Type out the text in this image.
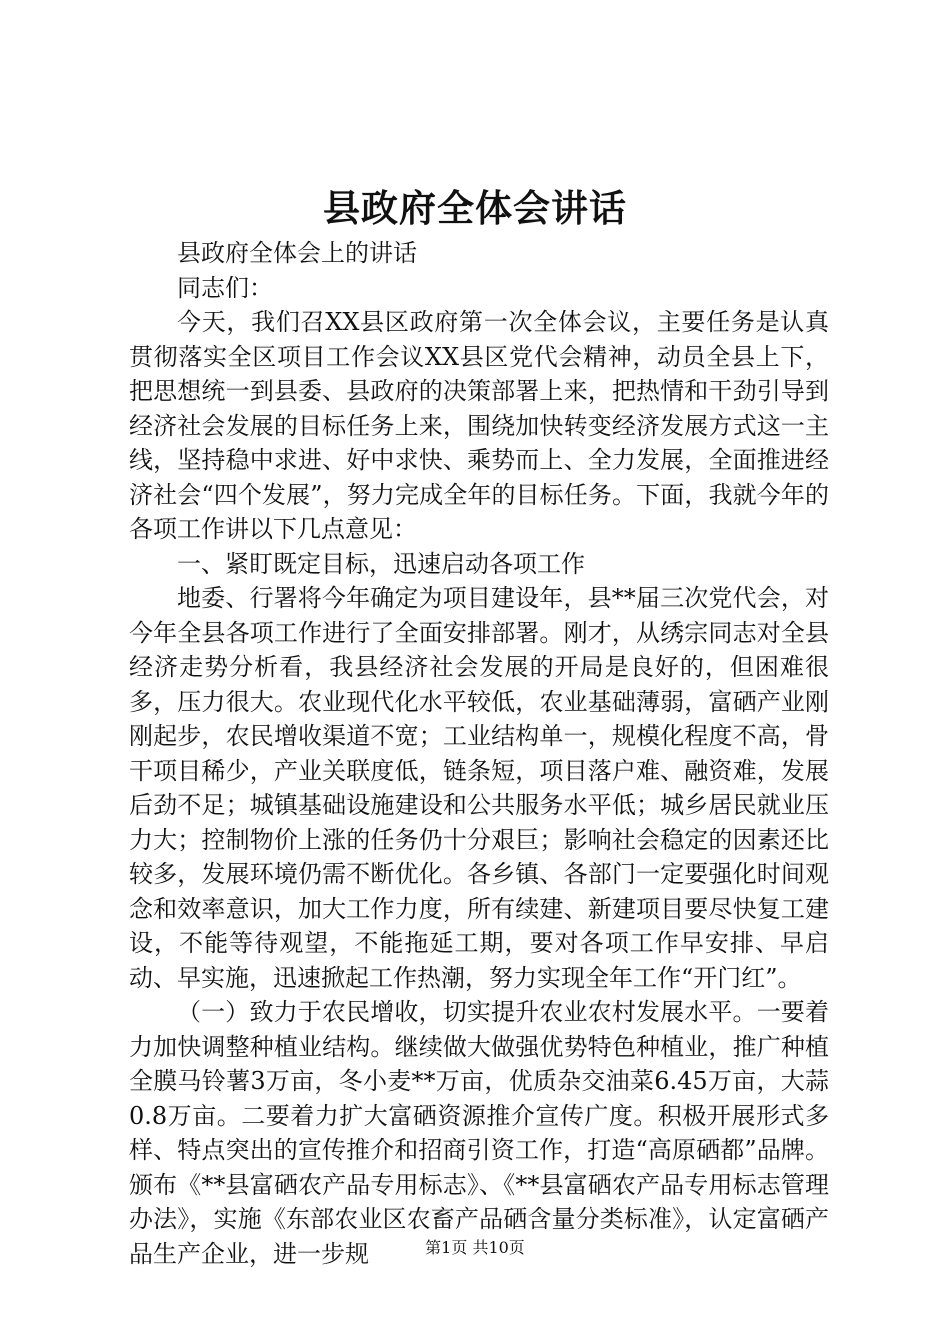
县政府全体会讲话

县政府全体会上的讲话

同志们：

今天，我们召XX县区政府第一次全体会议，主要任务是认真贯彻落实全区项目工作会议XX县区党代会精神，动员全县上下，把思想统一到县委、县政府的决策部署上来，把热情和干劲引导到经济社会发展的目标任务上来，围绕加快转变经济发展方式这一主线，坚持稳中求进、好中求快、乘势而上、全力发展，全面推进经济社会“四个发展”，努力完成全年的目标任务。下面，我就今年的各项工作讲以下几点意见：

一、紧盯既定目标，迅速启动各项工作

地委、行署将今年确定为项目建设年，县**届三次党代会，对今年全县各项工作进行了全面安排部署。刚才，从绣宗同志对全县经济走势分析看，我县经济社会发展的开局是良好的，但困难很多，压力很大。农业现代化水平较低，农业基础薄弱，富硒产业刚刚起步，农民增收渠道不宽；工业结构单一，规模化程度不高，骨干项目稀少，产业关联度低，链条短，项目落户难、融资难，发展后劲不足；城镇基础设施建设和公共服务水平低；城乡居民就业压力大；控制物价上涨的任务仍十分艰巨；影响社会稳定的因素还比较多，发展环境仍需不断优化。各乡镇、各部门一定要强化时间观念和效率意识，加大工作力度，所有续建、新建项目要尽快复工建设，不能等待观望，不能拖延工期，要对各项工作早安排、早启动、早实施，迅速掀起工作热潮，努力实现全年工作“开门红”。

（一）致力于农民增收，切实提升农业农村发展水平。一要着力加快调整种植业结构。继续做大做强优势特色种植业，推广种植全膜马铃薯3万亩，冬小麦**万亩，优质杂交油菜6.45万亩，大蒜0.8万亩。二要着力扩大富硒资源推介宣传广度。积极开展形式多样、特点突出的宣传推介和招商引资工作，打造“高原硒都”品牌。颁布《**县富硒农产品专用标志》、《**县富硒农产品专用标志管理办法》，实施《东部农业区农畜产品硒含量分类标准》，认定富硒产品生产企业，进一步规	第1页 共10页
